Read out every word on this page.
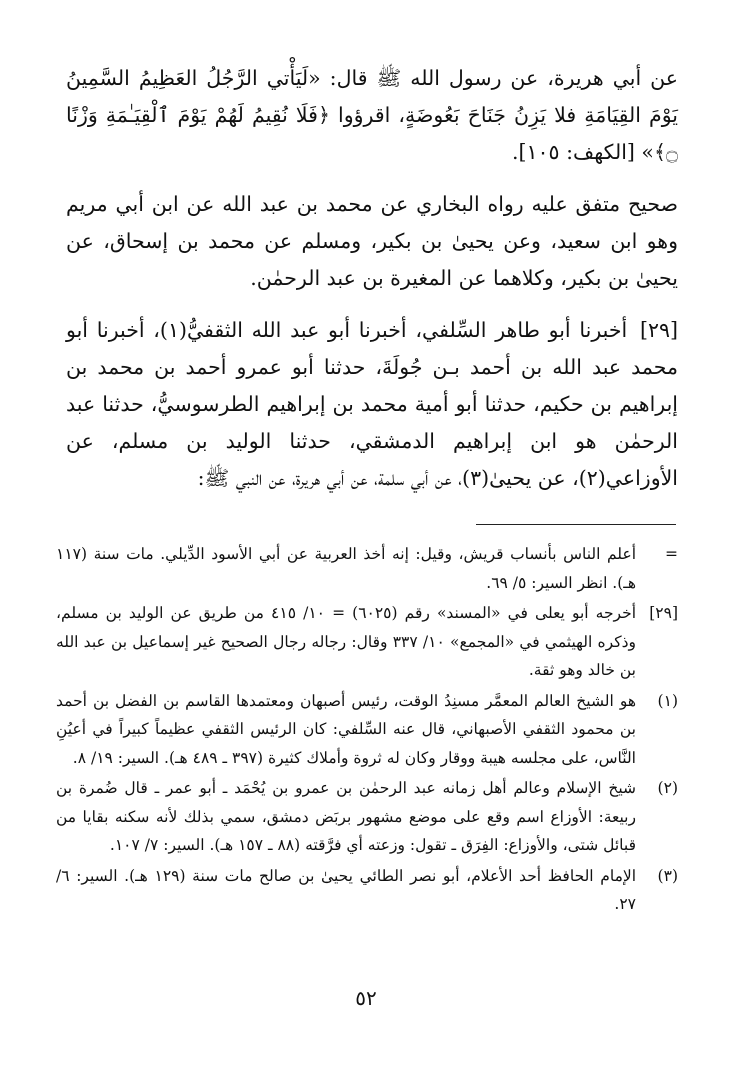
عن أبي هريرة، عن رسول الله ﷺ قال: «لَيَأْتي الرَّجُلُ العَظِيمُ السَّمِينُ يَوْمَ القِيَامَةِ فلا يَزِنُ جَنَاحَ بَعُوضَةٍ، اقرؤوا ﴿فَلَا نُقِيمُ لَهُمْ يَوْمَ ٱلْقِيَـٰمَةِ وَزْنًا ۝﴾» [الكهف: ١٠٥].

صحيح متفق عليه رواه البخاري عن محمد بن عبد الله عن ابن أبي مريم وهو ابن سعيد، وعن يحيىٰ بن بكير، ومسلم عن محمد بن إسحاق، عن يحيىٰ بن بكير، وكلاهما عن المغيرة بن عبد الرحمٰن.

[٢٩] أخبرنا أبو طاهر السِّلفي، أخبرنا أبو عبد الله الثقفيُّ(١)، أخبرنا أبو محمد عبد الله بن أحمد بـن جُولَةَ، حدثنا أبو عمرو أحمد بن محمد بن إبراهيم بن حكيم، حدثنا أبو أمية محمد بن إبراهيم الطرسوسيُّ، حدثنا عبد الرحمٰن هو ابن إبراهيم الدمشقي، حدثنا الوليد بن مسلم، عن الأوزاعي(٢)، عن يحيىٰ(٣)، عن أبي سلمة، عن أبي هريرة، عن النبي ﷺ:

=
أعلم الناس بأنساب قريش، وقيل: إنه أخذ العربية عن أبي الأسود الدِّيلي. مات سنة (١١٧ هـ). انظر السير: ٥/ ٦٩.
[٢٩]
أخرجه أبو يعلى في «المسند» رقم (٦٠٢٥) = ١٠/ ٤١٥ من طريق عن الوليد بن مسلم، وذكره الهيثمي في «المجمع» ١٠/ ٣٣٧ وقال: رجاله رجال الصحيح غير إسماعيل بن عبد الله بن خالد وهو ثقة.
(١)
هو الشيخ العالم المعمَّر مسنِدُ الوقت، رئيس أصبهان ومعتمدها القاسم بن الفضل بن أحمد بن محمود الثقفي الأصبهاني، قال عنه السِّلفي: كان الرئيس الثقفي عظيماً كبيراً في أعيُنِ النَّاس، على مجلسه هيبة ووقار وكان له ثروة وأملاك كثيرة (٣٩٧ ـ ٤٨٩ هـ). السير: ١٩/ ٨.
(٢)
شيخ الإسلام وعالم أهل زمانه عبد الرحمٰن بن عمرو بن يُحْمَد ـ أبو عمر ـ قال ضُمرة بن ربيعة: الأوزاع اسم وقع على موضع مشهور بربَض دمشق، سمي بذلك لأنه سكنه بقايا من قبائل شتى، والأوزاع: الفِرَق ـ تقول: وزعته أي فرَّقته (٨٨ ـ ١٥٧ هـ). السير: ٧/ ١٠٧.
(٣)
الإمام الحافظ أحد الأعلام، أبو نصر الطائي يحيىٰ بن صالح مات سنة (١٢٩ هـ). السير: ٦/ ٢٧.
٥٢
